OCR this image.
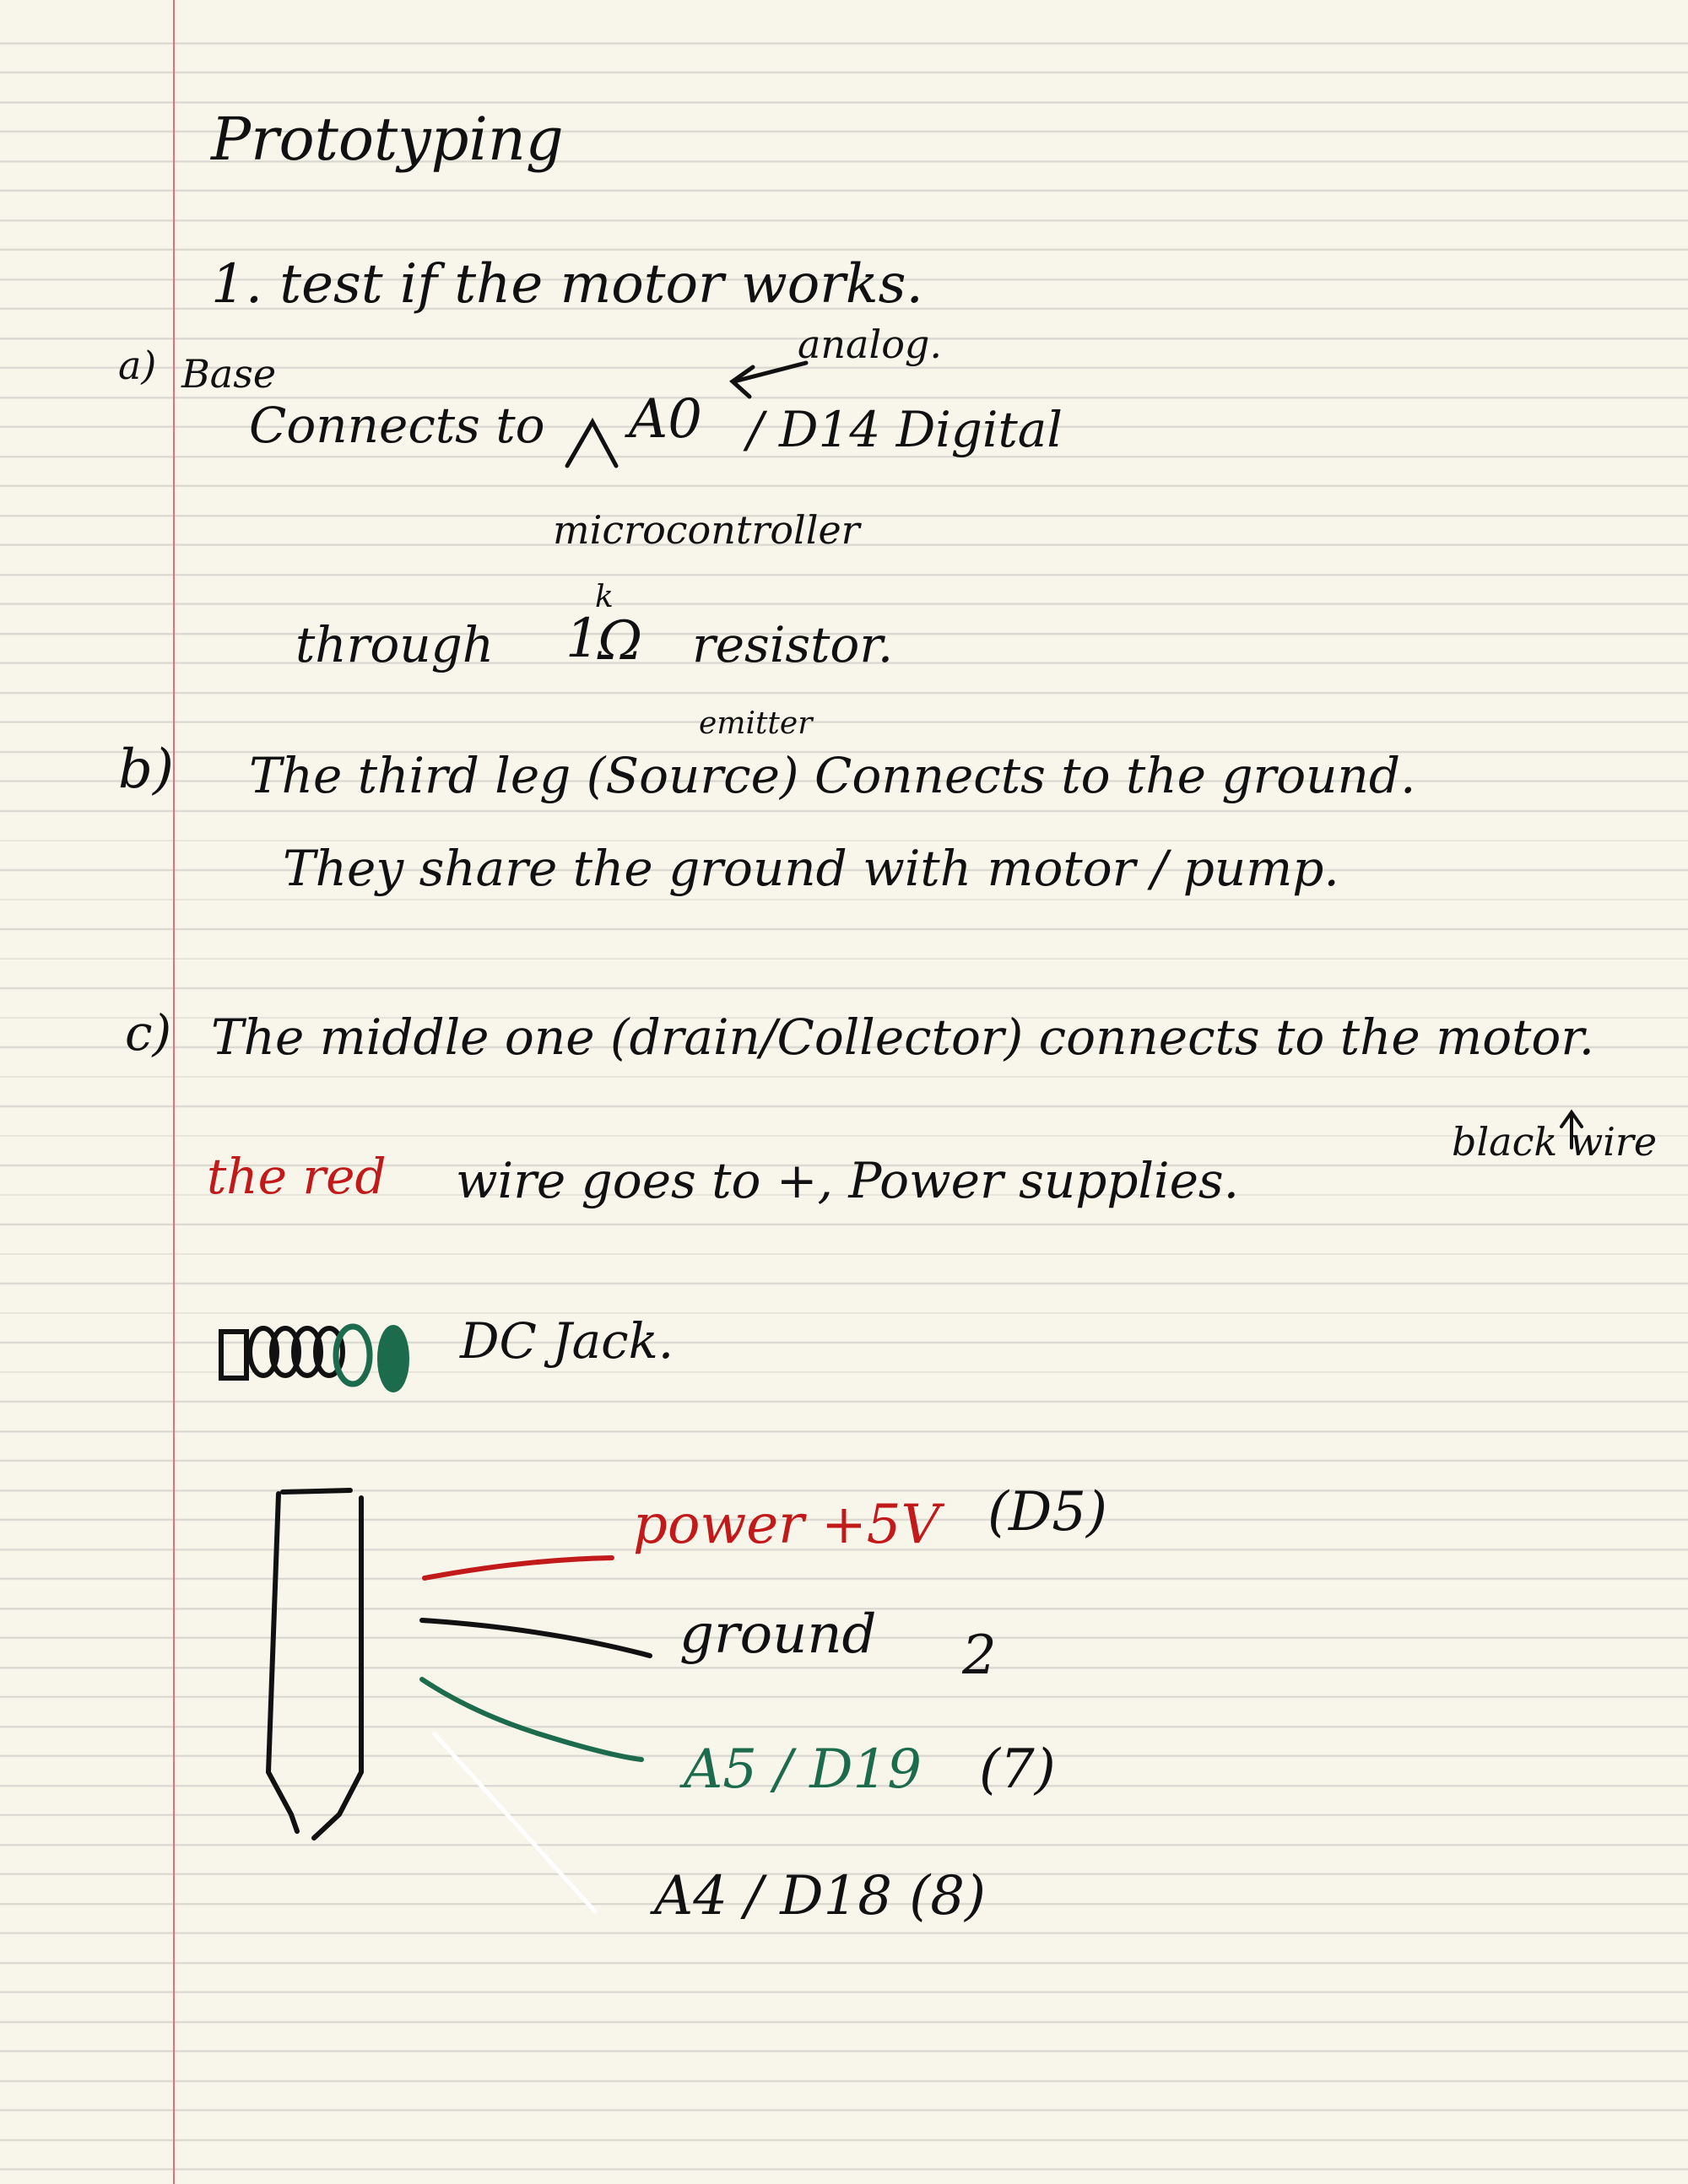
Prototyping
1. test if the motor works.
a) Base
analog.
Connects to A0 / D14 Digital
microcontroller
through 1
k
Ω resistor.
emitter
b) The third leg (Source) Connects to the ground.
They share the ground with motor / pump.
c) The middle one (drain/Collector) connects to the motor.
black wire
the red wire goes to +, Power supplies.
DC Jack.
power +5V (D5)
ground 2
A5 / D19 (7)
A4 / D18 (8)
